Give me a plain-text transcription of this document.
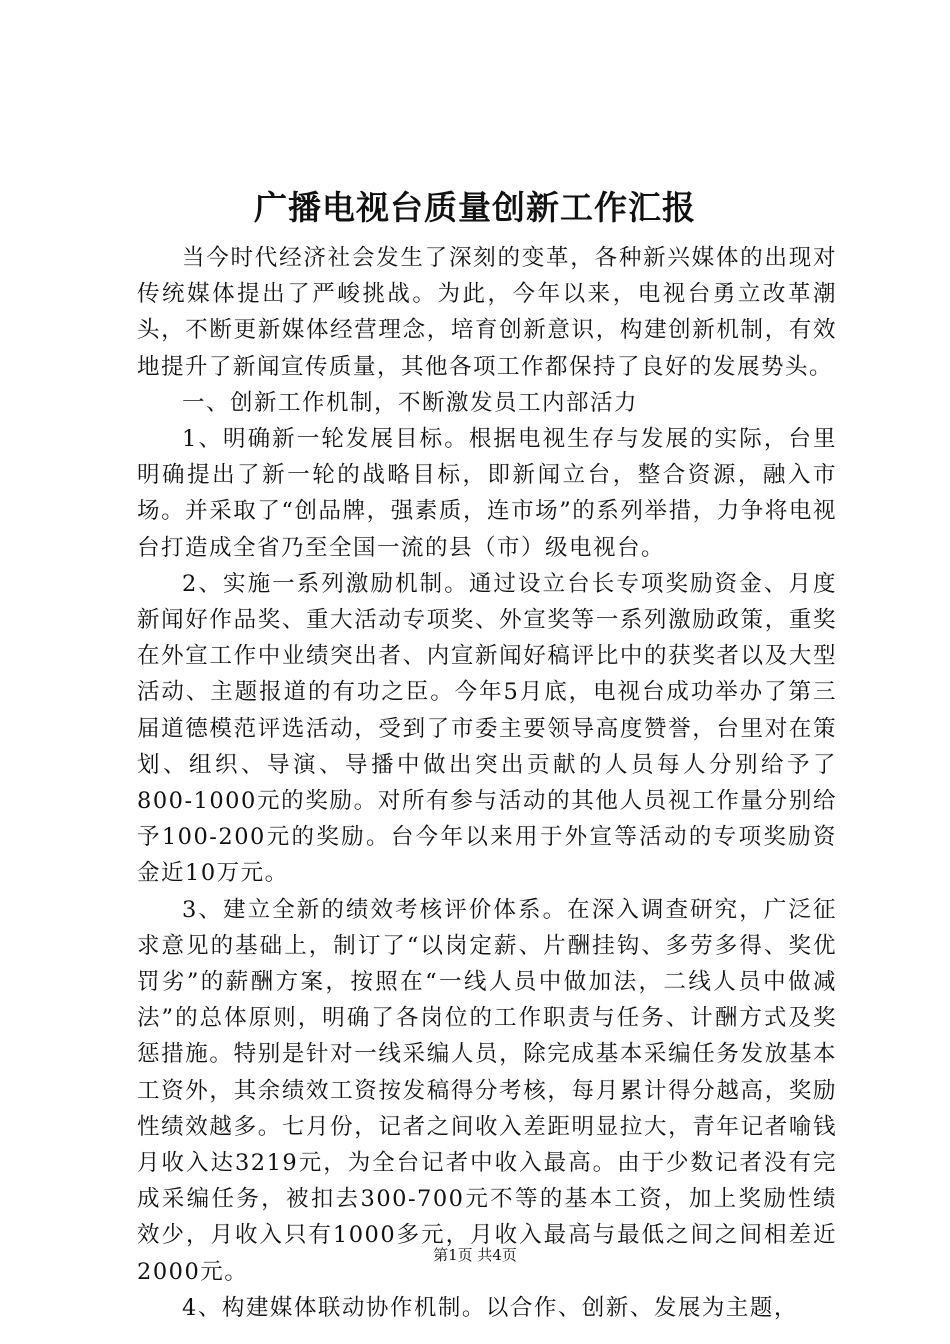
广播电视台质量创新工作汇报

当今时代经济社会发生了深刻的变革，各种新兴媒体的出现对传统媒体提出了严峻挑战。为此，今年以来，电视台勇立改革潮头，不断更新媒体经营理念，培育创新意识，构建创新机制，有效地提升了新闻宣传质量，其他各项工作都保持了良好的发展势头。

一、创新工作机制，不断激发员工内部活力

1、明确新一轮发展目标。根据电视生存与发展的实际，台里明确提出了新一轮的战略目标，即新闻立台，整合资源，融入市场。并采取了“创品牌，强素质，连市场”的系列举措，力争将电视台打造成全省乃至全国一流的县（市）级电视台。

2、实施一系列激励机制。通过设立台长专项奖励资金、月度新闻好作品奖、重大活动专项奖、外宣奖等一系列激励政策，重奖在外宣工作中业绩突出者、内宣新闻好稿评比中的获奖者以及大型活动、主题报道的有功之臣。今年5月底，电视台成功举办了第三届道德模范评选活动，受到了市委主要领导高度赞誉，台里对在策划、组织、导演、导播中做出突出贡献的人员每人分别给予了800-1000元的奖励。对所有参与活动的其他人员视工作量分别给予100-200元的奖励。台今年以来用于外宣等活动的专项奖励资金近10万元。

3、建立全新的绩效考核评价体系。在深入调查研究，广泛征求意见的基础上，制订了“以岗定薪、片酬挂钩、多劳多得、奖优罚劣”的薪酬方案，按照在“一线人员中做加法，二线人员中做减法”的总体原则，明确了各岗位的工作职责与任务、计酬方式及奖惩措施。特别是针对一线采编人员，除完成基本采编任务发放基本工资外，其余绩效工资按发稿得分考核，每月累计得分越高，奖励性绩效越多。七月份，记者之间收入差距明显拉大，青年记者喻钱月收入达3219元，为全台记者中收入最高。由于少数记者没有完成采编任务，被扣去300-700元不等的基本工资，加上奖励性绩效少，月收入只有1000多元，月收入最高与最低之间之间相差近2000元。

4、构建媒体联动协作机制。以合作、创新、发展为主题，

第1页 共4页
